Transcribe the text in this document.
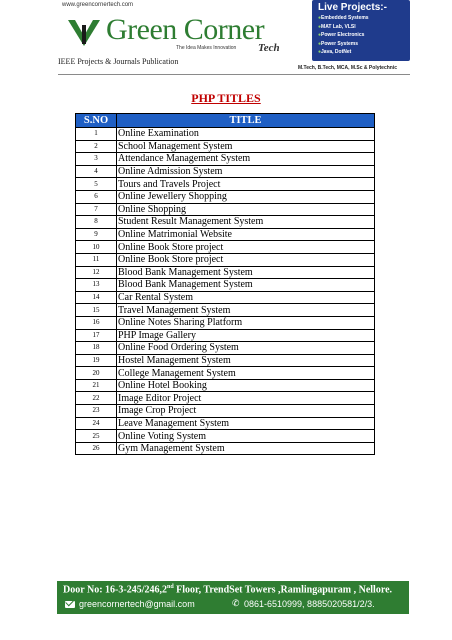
www.greencornertech.com
Green Corner
The Idea Makes Innovation Tech
IEEE Projects & Journals Publication
Live Projects:-
● Embedded Systems
● MAT Lab, VLSI
● Power Electronics
● Power Systems
● Java, DotNet
M.Tech, B.Tech, MCA, M.Sc & Polytechnic
PHP TITLES
S.NO	TITLE
1	Online Examination
2	School Management System
3	Attendance Management System
4	Online Admission System
5	Tours and Travels Project
6	Online Jewellery Shopping
7	Online Shopping
8	Student Result Management System
9	Online Matrimonial Website
10	Online Book Store project
11	Online Book Store project
12	Blood Bank Management System
13	Blood Bank Management System
14	Car Rental System
15	Travel Management System
16	Online Notes Sharing Platform
17	PHP Image Gallery
18	Online Food Ordering System
19	Hostel Management System
20	College Management System
21	Online Hotel Booking
22	Image Editor Project
23	Image Crop Project
24	Leave Management System
25	Online Voting System
26	Gym Management System
Door No: 16-3-245/246,2nd Floor, TrendSet Towers ,Ramlingapuram , Nellore.
greencornertech@gmail.com	✆ 0861-6510999, 8885020581/2/3.
